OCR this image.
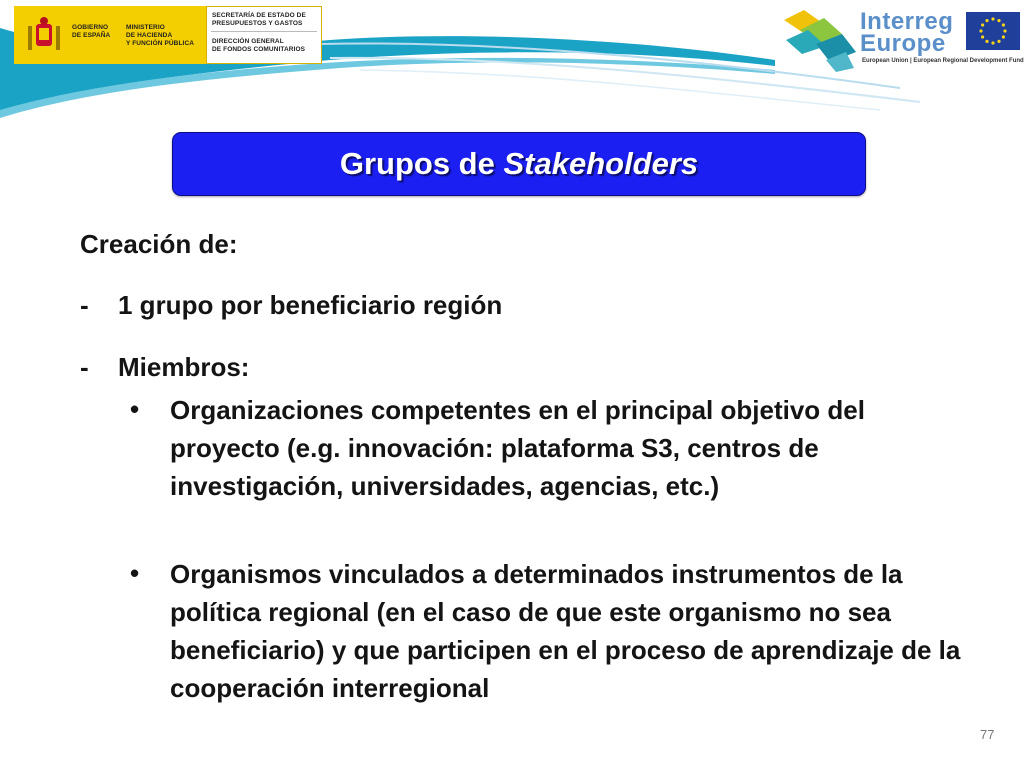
GOBIERNO
DE ESPAÑA
MINISTERIO
DE HACIENDA
Y FUNCIÓN PÚBLICA
SECRETARÍA DE ESTADO DE
PRESUPUESTOS Y GASTOS
DIRECCIÓN GENERAL
DE FONDOS COMUNITARIOS
Interreg
Europe
European Union | European Regional Development Fund
Grupos de Stakeholders
Creación de:
- 1 grupo por beneficiario región
- Miembros:
• Organizaciones competentes en el principal objetivo del proyecto (e.g. innovación: plataforma S3, centros de investigación, universidades, agencias, etc.)
• Organismos vinculados a determinados instrumentos de la política regional (en el caso de que este organismo no sea beneficiario) y que participen en el proceso de aprendizaje de la cooperación interregional
77
